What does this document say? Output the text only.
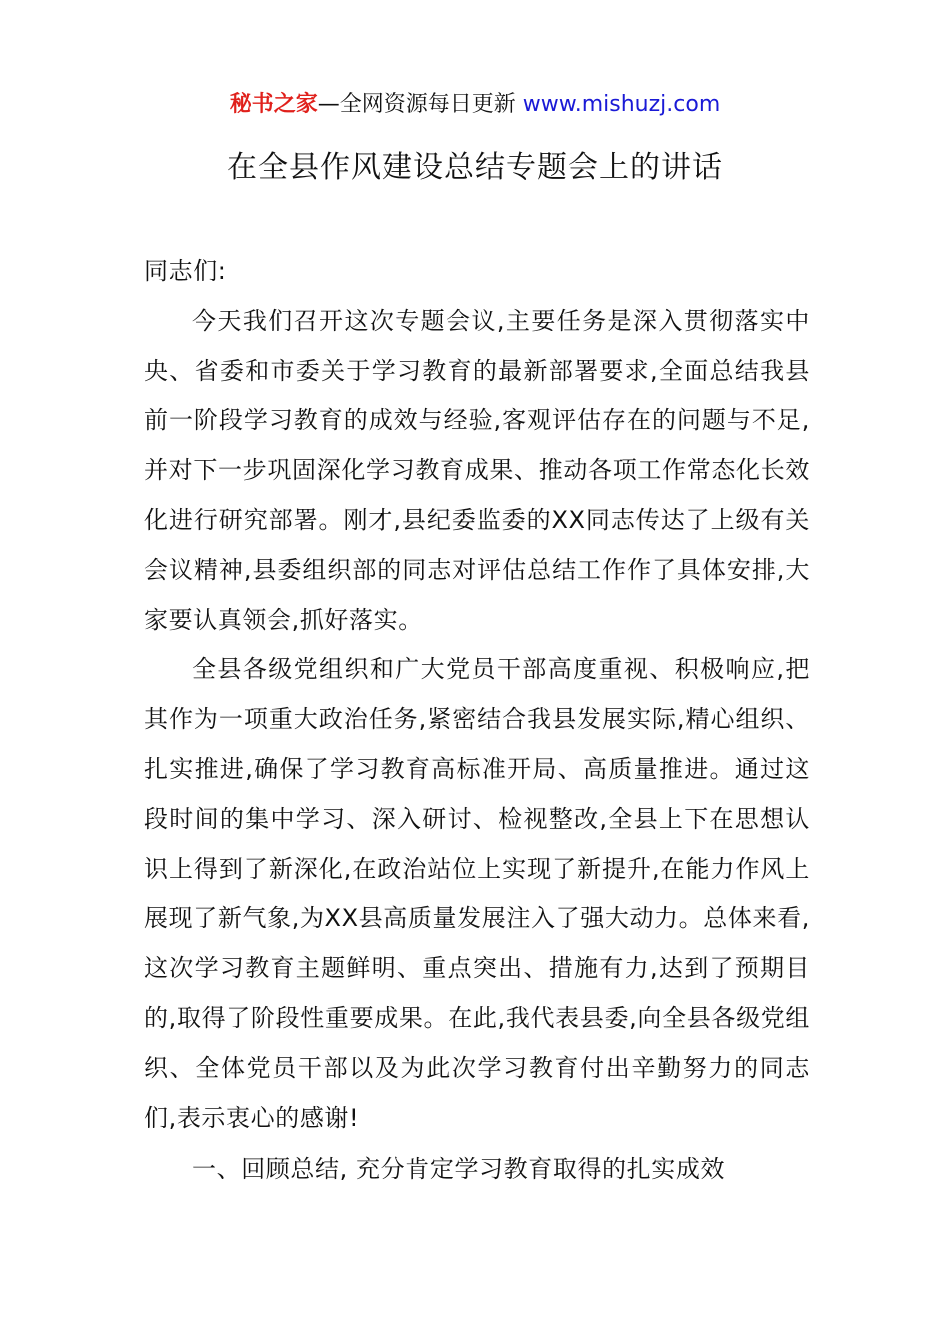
秘书之家—全网资源每日更新 www.mishuzj.com
在全县作风建设总结专题会上的讲话

同志们:

今天我们召开这次专题会议,主要任务是深入贯彻落实中央、省委和市委关于学习教育的最新部署要求,全面总结我县前一阶段学习教育的成效与经验,客观评估存在的问题与不足,并对下一步巩固深化学习教育成果、推动各项工作常态化长效化进行研究部署。刚才,县纪委监委的XX同志传达了上级有关会议精神,县委组织部的同志对评估总结工作作了具体安排,大家要认真领会,抓好落实。

全县各级党组织和广大党员干部高度重视、积极响应,把其作为一项重大政治任务,紧密结合我县发展实际,精心组织、扎实推进,确保了学习教育高标准开局、高质量推进。通过这段时间的集中学习、深入研讨、检视整改,全县上下在思想认识上得到了新深化,在政治站位上实现了新提升,在能力作风上展现了新气象,为XX县高质量发展注入了强大动力。总体来看,这次学习教育主题鲜明、重点突出、措施有力,达到了预期目的,取得了阶段性重要成果。在此,我代表县委,向全县各级党组织、全体党员干部以及为此次学习教育付出辛勤努力的同志们,表示衷心的感谢!

一、回顾总结, 充分肯定学习教育取得的扎实成效
